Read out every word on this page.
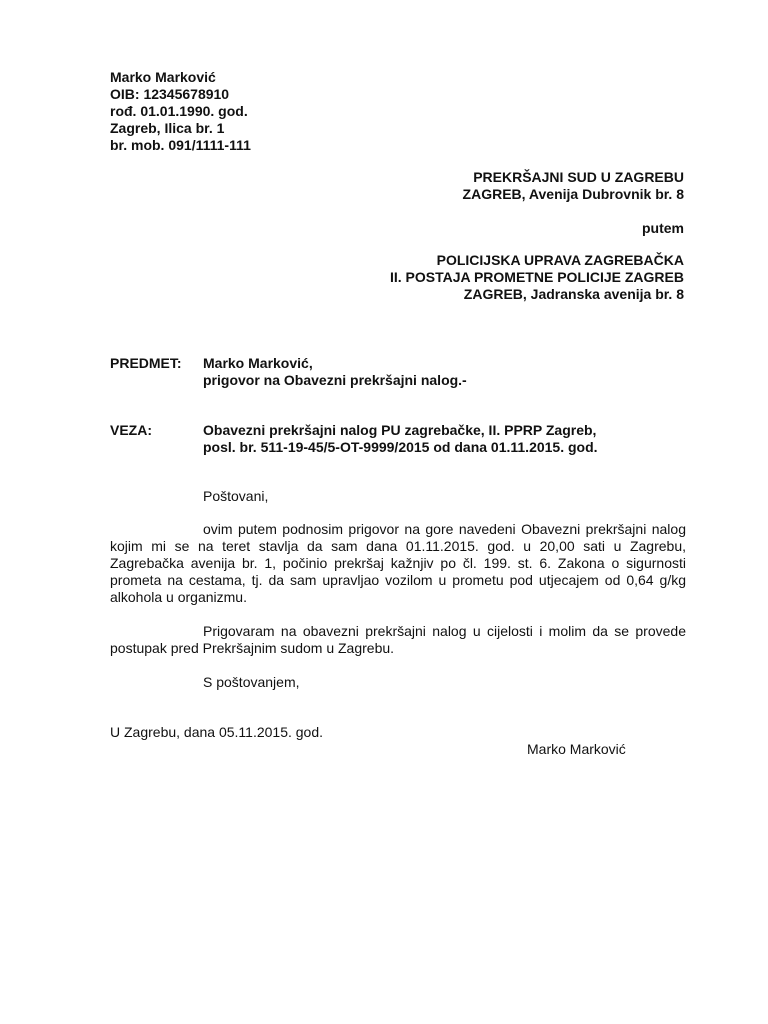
Marko Marković
OIB: 12345678910
rođ. 01.01.1990. god.
Zagreb, Ilica br. 1
br. mob. 091/1111-111
PREKRŠAJNI SUD U ZAGREBU
ZAGREB, Avenija Dubrovnik br. 8
putem
POLICIJSKA UPRAVA ZAGREBAČKA
II. POSTAJA PROMETNE POLICIJE ZAGREB
ZAGREB, Jadranska avenija br. 8
PREDMET: Marko Marković,
prigovor na Obavezni prekršajni nalog.-
VEZA:	Obavezni prekršajni nalog PU zagrebačke, II. PPRP Zagreb,
posl. br. 511-19-45/5-OT-9999/2015 od dana 01.11.2015. god.
Poštovani,

ovim putem podnosim prigovor na gore navedeni Obavezni prekršajni nalog kojim mi se na teret stavlja da sam dana 01.11.2015. god. u 20,00 sati u Zagrebu, Zagrebačka avenija br. 1, počinio prekršaj kažnjiv po čl. 199. st. 6. Zakona o sigurnosti prometa na cestama, tj. da sam upravljao vozilom u prometu pod utjecajem od 0,64 g/kg alkohola u organizmu.

Prigovaram na obavezni prekršajni nalog u cijelosti i molim da se provede postupak pred Prekršajnim sudom u Zagrebu.

S poštovanjem,
U Zagrebu, dana 05.11.2015. god.
Marko Marković
